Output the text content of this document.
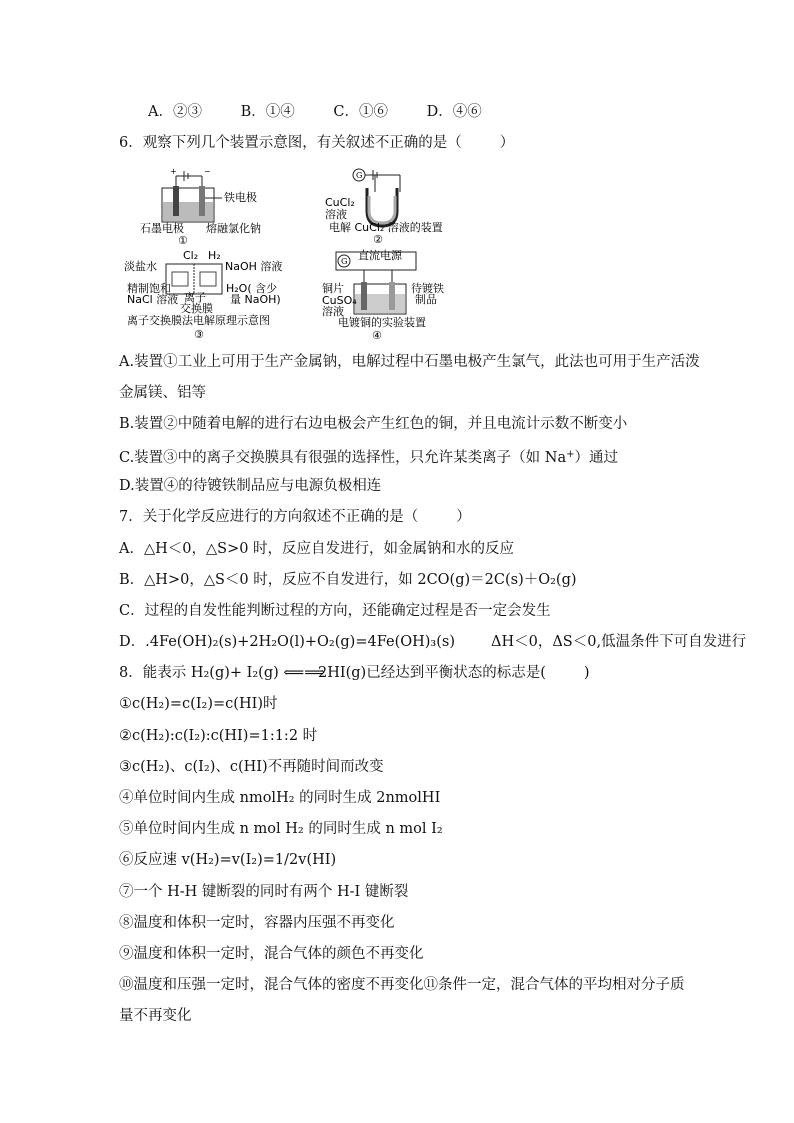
A．②③	B．①④	C．①⑥	D．④⑥
6．观察下列几个装置示意图，有关叙述不正确的是（	）
+	−
铁电极
石墨电极 熔融氯化钠
①
G
CuCl₂
溶液
电解 CuCl₂ 溶液的装置
②
Cl₂ H₂
淡盐水	NaOH 溶液
精制饱和
NaCl 溶液 离子
交换膜
H₂O( 含少
量 NaOH)
离子交换膜法电解原理示意图
③
G 直流电源
铜片	待镀铁
制品
CuSO₄
溶液
电镀铜的实验装置
④
A.装置①工业上可用于生产金属钠，电解过程中石墨电极产生氯气，此法也可用于生产活泼
金属镁、铝等
B.装置②中随着电解的进行右边电极会产生红色的铜，并且电流计示数不断变小
C.装置③中的离子交换膜具有很强的选择性，只允许某类离子（如 Na+）通过
D.装置④的待镀铁制品应与电源负极相连
7．关于化学反应进行的方向叙述不正确的是（	）
A．△H＜0，△S>0 时，反应自发进行，如金属钠和水的反应
B．△H>0，△S＜0 时，反应不自发进行，如 2CO(g)＝2C(s)＋O₂(g)
C．过程的自发性能判断过程的方向，还能确定过程是否一定会发生
D．.4Fe(OH)₂(s)+2H₂O(l)+O₂(g)=4Fe(OH)₃(s) ΔH＜0，ΔS＜0,低温条件下可自发进行
8．能表示 H₂(g)+ I₂(g) ⟸⟹ 2HI(g)已经达到平衡状态的标志是(	)
①c(H₂)=c(I₂)=c(HI)时
②c(H₂):c(I₂):c(HI)=1:1:2 时
③c(H₂)、c(I₂)、c(HI)不再随时间而改变
④单位时间内生成 nmolH₂ 的同时生成 2nmolHI
⑤单位时间内生成 n mol H₂ 的同时生成 n mol I₂
⑥反应速 v(H₂)=v(I₂)=1/2v(HI)
⑦一个 H-H 键断裂的同时有两个 H-I 键断裂
⑧温度和体积一定时，容器内压强不再变化
⑨温度和体积一定时，混合气体的颜色不再变化
⑩温度和压强一定时，混合气体的密度不再变化⑪条件一定，混合气体的平均相对分子质
量不再变化
